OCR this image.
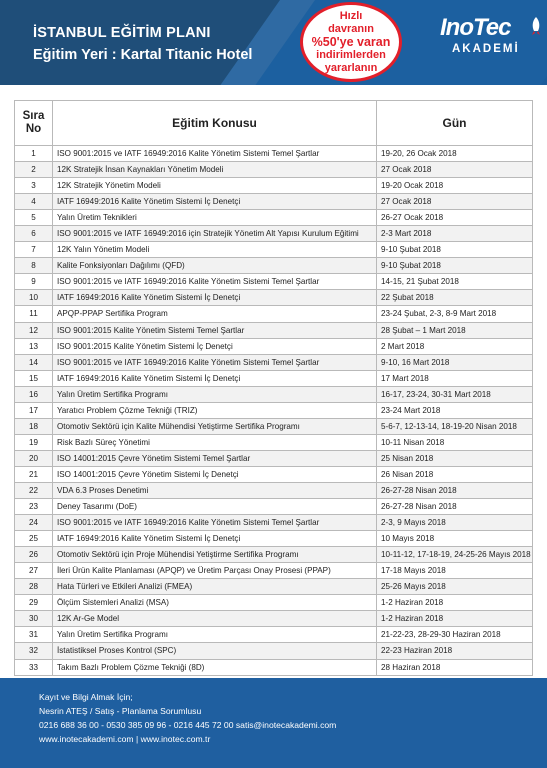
İSTANBUL EĞİTİM PLANI
Eğitim Yeri : Kartal Titanic Hotel
Hızlı
davranın
%50'ye varan
indirimlerden
yararlanın
InoTec
AKADEMİ
Sıra No	Eğitim Konusu	Gün
1	ISO 9001:2015 ve IATF 16949:2016 Kalite Yönetim Sistemi Temel Şartlar	19-20, 26 Ocak 2018
2	12K Stratejik İnsan Kaynakları Yönetim Modeli	27 Ocak 2018
3	12K Stratejik Yönetim Modeli	19-20 Ocak 2018
4	IATF 16949:2016 Kalite Yönetim Sistemi İç Denetçi	27 Ocak 2018
5	Yalın Üretim Teknikleri	26-27 Ocak 2018
6	ISO 9001:2015 ve IATF 16949:2016 için Stratejik Yönetim Alt Yapısı Kurulum Eğitimi	2-3 Mart 2018
7	12K Yalın Yönetim Modeli	9-10 Şubat 2018
8	Kalite Fonksiyonları Dağılımı (QFD)	9-10 Şubat 2018
9	ISO 9001:2015 ve IATF 16949:2016 Kalite Yönetim Sistemi Temel Şartlar	14-15, 21 Şubat 2018
10	IATF 16949:2016 Kalite Yönetim Sistemi İç Denetçi	22 Şubat 2018
11	APQP-PPAP Sertifika Program	23-24 Şubat, 2-3, 8-9 Mart 2018
12	ISO 9001:2015 Kalite Yönetim Sistemi Temel Şartlar	28 Şubat – 1 Mart 2018
13	ISO 9001:2015 Kalite Yönetim Sistemi İç Denetçi	2 Mart 2018
14	ISO 9001:2015 ve IATF 16949:2016 Kalite Yönetim Sistemi Temel Şartlar	9-10, 16 Mart 2018
15	IATF 16949:2016 Kalite Yönetim Sistemi İç Denetçi	17 Mart 2018
16	Yalın Üretim Sertifika Programı	16-17, 23-24, 30-31 Mart 2018
17	Yaratıcı Problem Çözme Tekniği (TRIZ)	23-24 Mart 2018
18	Otomotiv Sektörü için Kalite Mühendisi Yetiştirme Sertifika Programı	5-6-7, 12-13-14, 18-19-20 Nisan 2018
19	Risk Bazlı Süreç Yönetimi	10-11 Nisan 2018
20	ISO 14001:2015 Çevre Yönetim Sistemi Temel Şartlar	25 Nisan 2018
21	ISO 14001:2015 Çevre Yönetim Sistemi İç Denetçi	26 Nisan 2018
22	VDA 6.3 Proses Denetimi	26-27-28 Nisan 2018
23	Deney Tasarımı (DoE)	26-27-28 Nisan 2018
24	ISO 9001:2015 ve IATF 16949:2016 Kalite Yönetim Sistemi Temel Şartlar	2-3, 9 Mayıs 2018
25	IATF 16949:2016 Kalite Yönetim Sistemi İç Denetçi	10 Mayıs 2018
26	Otomotiv Sektörü için Proje Mühendisi Yetiştirme Sertifika Programı	10-11-12, 17-18-19, 24-25-26 Mayıs 2018
27	İleri Ürün Kalite Planlaması (APQP) ve Üretim Parçası Onay Prosesi (PPAP)	17-18 Mayıs 2018
28	Hata Türleri ve Etkileri Analizi (FMEA)	25-26 Mayıs 2018
29	Ölçüm Sistemleri Analizi (MSA)	1-2 Haziran 2018
30	12K Ar-Ge Model	1-2 Haziran 2018
31	Yalın Üretim Sertifika Programı	21-22-23, 28-29-30 Haziran 2018
32	İstatistiksel Proses Kontrol (SPC)	22-23 Haziran 2018
33	Takım Bazlı Problem Çözme Tekniği (8D)	28 Haziran 2018
Kayıt ve Bilgi Almak İçin;
Nesrin ATEŞ / Satış - Planlama Sorumlusu
0216 688 36 00 - 0530 385 09 96 - 0216 445 72 00 satis@inotecakademi.com
www.inotecakademi.com | www.inotec.com.tr
